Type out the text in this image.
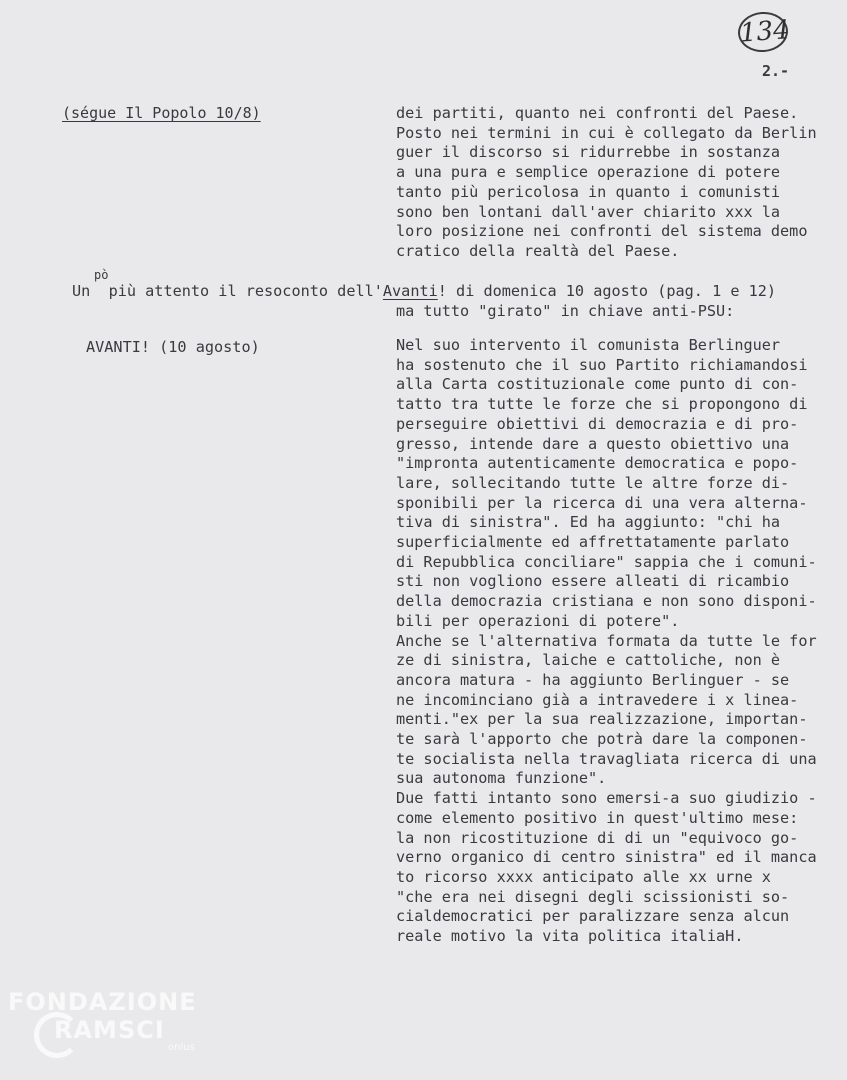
134
2.-
(ségue Il Popolo 10/8)	dei partiti, quanto nei confronti del Paese.
Posto nei termini in cui è collegato da Berlin
guer il discorso si ridurrebbe in sostanza
a una pura e semplice operazione di potere
tanto più pericolosa in quanto i comunisti
sono ben lontani dall'aver chiarito xxx la
loro posizione nei confronti del sistema demo
cratico della realtà del Paese.
pò
Un  più attento il resoconto dell'Avanti! di domenica 10 agosto (pag. 1 e 12)
ma tutto "girato" in chiave anti-PSU:
AVANTI! (10 agosto)	Nel suo intervento il comunista Berlinguer
ha sostenuto che il suo Partito richiamandosi
alla Carta costituzionale come punto di con-
tatto tra tutte le forze che si propongono di
perseguire obiettivi di democrazia e di pro-
gresso, intende dare a questo obiettivo una
"impronta autenticamente democratica e popo-
lare, sollecitando tutte le altre forze di-
sponibili per la ricerca di una vera alterna-
tiva di sinistra". Ed ha aggiunto: "chi ha
superficialmente ed affrettatamente parlato
di Repubblica conciliare" sappia che i comuni-
sti non vogliono essere alleati di ricambio
della democrazia cristiana e non sono disponi-
bili per operazioni di potere".
Anche se l'alternativa formata da tutte le for
ze di sinistra, laiche e cattoliche, non è
ancora matura - ha aggiunto Berlinguer - se
ne incominciano già a intravedere i x linea-
menti."ex per la sua realizzazione, importan-
te sarà l'apporto che potrà dare la componen-
te socialista nella travagliata ricerca di una
sua autonoma funzione".
Due fatti intanto sono emersi-a suo giudizio -
come elemento positivo in quest'ultimo mese:
la non ricostituzione di di un "equivoco go-
verno organico di centro sinistra" ed il manca
to ricorso xxxx anticipato alle xx urne x
"che era nei disegni degli scissionisti so-
cialdemocratici per paralizzare senza alcun
reale motivo la vita politica italiaH.
FONDAZIONE
RAMSCI
onlus
